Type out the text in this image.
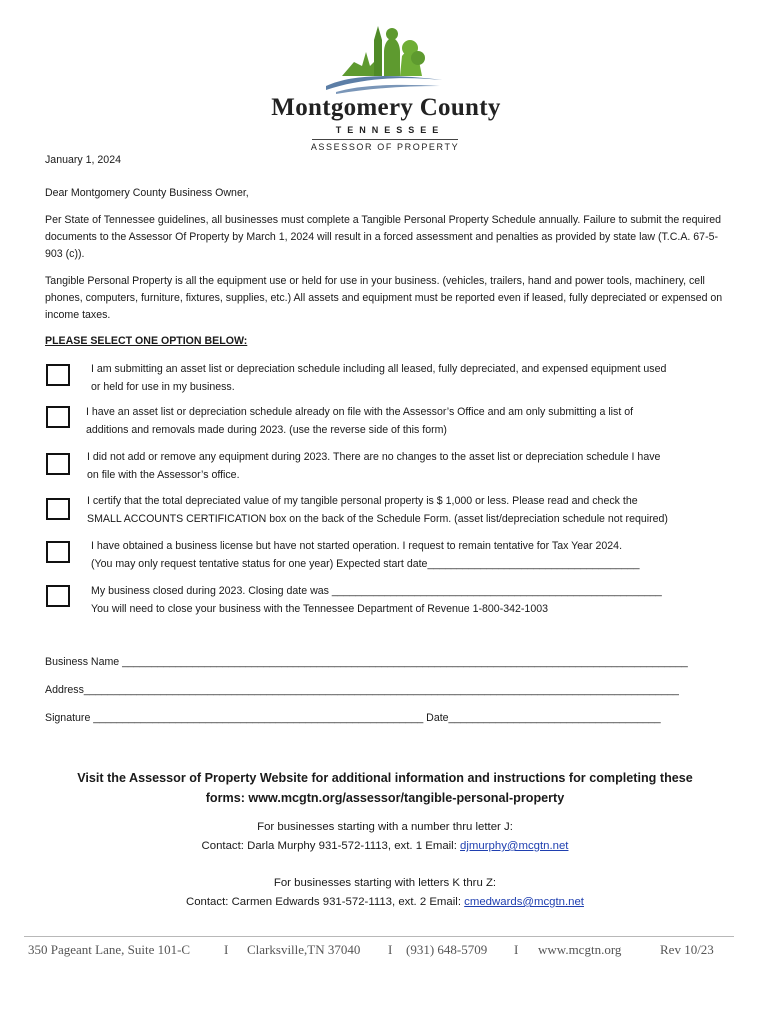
Montgomery County
TENNESSEE
ASSESSOR OF PROPERTY
January 1, 2024
Dear Montgomery County Business Owner,
Per State of Tennessee guidelines, all businesses must complete a Tangible Personal Property Schedule annually. Failure to submit the required documents to the Assessor Of Property by March 1, 2024 will result in a forced assessment and penalties as provided by state law (T.C.A. 67-5-903 (c)).
Tangible Personal Property is all the equipment use or held for use in your business. (vehicles, trailers, hand and power tools, machinery, cell phones, computers, furniture, fixtures, supplies, etc.) All assets and equipment must be reported even if leased, fully depreciated or expensed on income taxes.
PLEASE SELECT ONE OPTION BELOW:
I am submitting an asset list or depreciation schedule including all leased, fully depreciated, and expensed equipment used
or held for use in my business.
I have an asset list or depreciation schedule already on file with the Assessor’s Office and am only submitting a list of
additions and removals made during 2023. (use the reverse side of this form)
I did not add or remove any equipment during 2023. There are no changes to the asset list or depreciation schedule I have
on file with the Assessor’s office.
I certify that the total depreciated value of my tangible personal property is $ 1,000 or less. Please read and check the
SMALL ACCOUNTS CERTIFICATION box on the back of the Schedule Form. (asset list/depreciation schedule not required)
I have obtained a business license but have not started operation. I request to remain tentative for Tax Year 2024.
(You may only request tentative status for one year) Expected start date____________________________________
My business closed during 2023. Closing date was ________________________________________________________
You will need to close your business with the Tennessee Department of Revenue 1-800-342-1003
Business Name ________________________________________________________________________________________________
Address_____________________________________________________________________________________________________
Signature ________________________________________________________ Date____________________________________
Visit the Assessor of Property Website for additional information and instructions for completing these
forms: www.mcgtn.org/assessor/tangible-personal-property
For businesses starting with a number thru letter J:
Contact: Darla Murphy 931-572-1113, ext. 1 Email: djmurphy@mcgtn.net
For businesses starting with letters K thru Z:
Contact: Carmen Edwards 931-572-1113, ext. 2 Email: cmedwards@mcgtn.net
350 Pageant Lane, Suite 101-C	I Clarksville,TN 37040 I (931) 648-5709 I www.mcgtn.org	Rev 10/23
